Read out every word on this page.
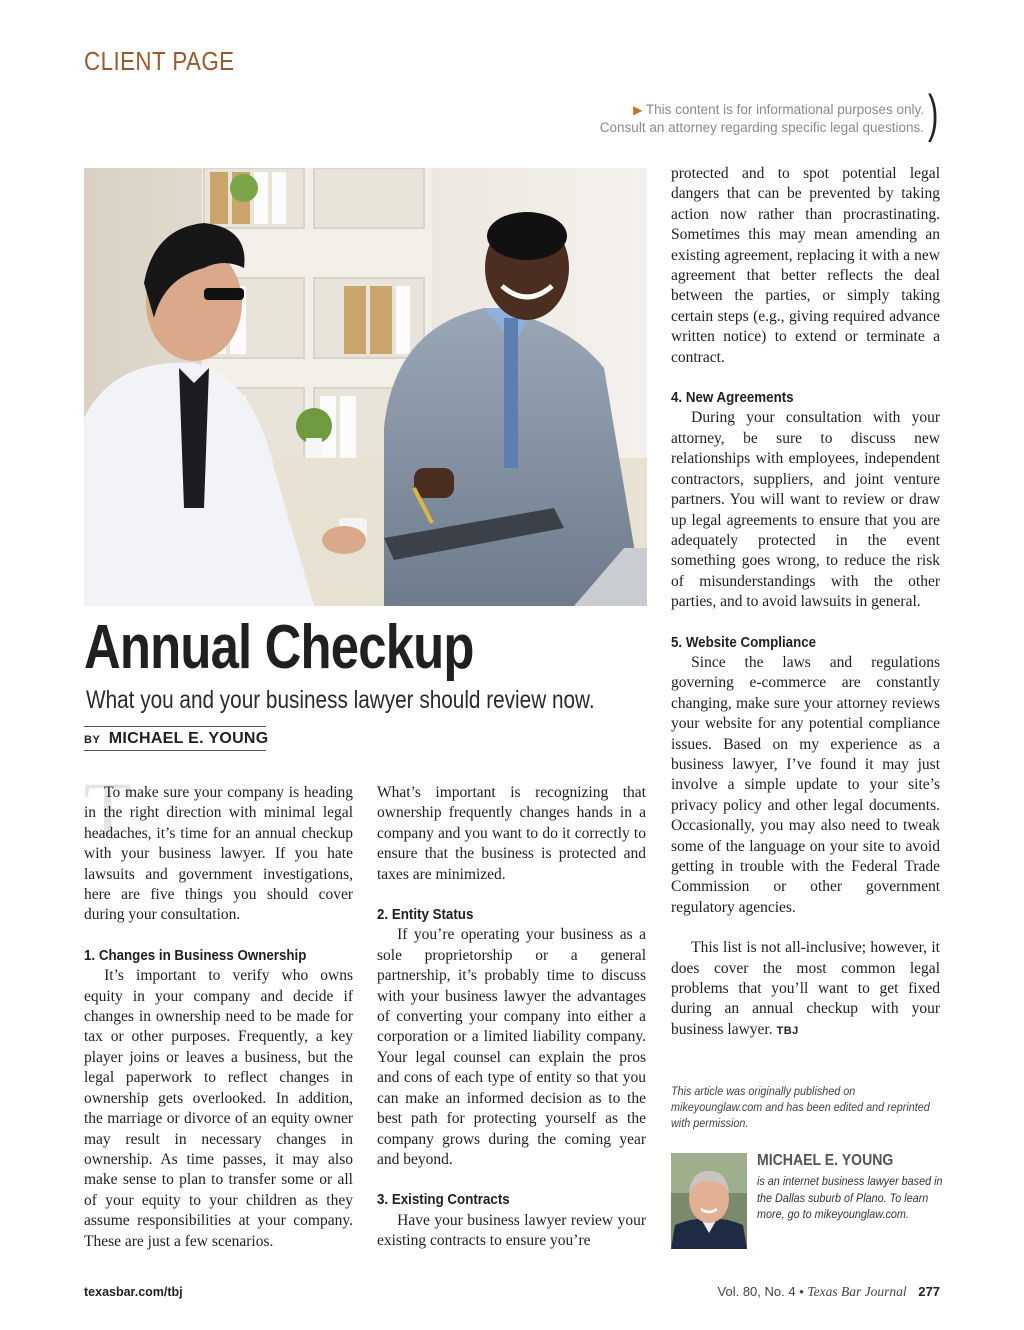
CLIENT PAGE
▶ This content is for informational purposes only.
Consult an attorney regarding specific legal questions. )
Annual Checkup
What you and your business lawyer should review now.
BY MICHAEL E. YOUNG
T

To make sure your company is heading in the right direction with minimal legal headaches, it’s time for an annual checkup with your business lawyer. If you hate lawsuits and government investigations, here are five things you should cover during your consultation.

1. Changes in Business Ownership

It’s important to verify who owns equity in your company and decide if changes in ownership need to be made for tax or other purposes. Frequently, a key player joins or leaves a business, but the legal paperwork to reflect changes in ownership gets overlooked. In addition, the marriage or divorce of an equity owner may result in necessary changes in ownership. As time passes, it may also make sense to plan to transfer some or all of your equity to your children as they assume responsibilities at your company. These are just a few scenarios.

What’s important is recognizing that ownership frequently changes hands in a company and you want to do it correctly to ensure that the business is protected and taxes are minimized.

2. Entity Status

If you’re operating your business as a sole proprietorship or a general partnership, it’s probably time to discuss with your business lawyer the advantages of converting your company into either a corporation or a limited liability company. Your legal counsel can explain the pros and cons of each type of entity so that you can make an informed decision as to the best path for protecting yourself as the company grows during the coming year and beyond.

3. Existing Contracts

Have your business lawyer review your existing contracts to ensure you’re

protected and to spot potential legal dangers that can be prevented by taking action now rather than procrastinating. Sometimes this may mean amending an existing agreement, replacing it with a new agreement that better reflects the deal between the parties, or simply taking certain steps (e.g., giving required advance written notice) to extend or terminate a contract.

4. New Agreements

During your consultation with your attorney, be sure to discuss new relationships with employees, independent contractors, suppliers, and joint venture partners. You will want to review or draw up legal agreements to ensure that you are adequately protected in the event something goes wrong, to reduce the risk of misunderstandings with the other parties, and to avoid lawsuits in general.

5. Website Compliance

Since the laws and regulations governing e-commerce are constantly changing, make sure your attorney reviews your website for any potential compliance issues. Based on my experience as a business lawyer, I’ve found it may just involve a simple update to your site’s privacy policy and other legal documents. Occasionally, you may also need to tweak some of the language on your site to avoid getting in trouble with the Federal Trade Commission or other government regulatory agencies.

This list is not all-inclusive; however, it does cover the most common legal problems that you’ll want to get fixed during an annual checkup with your business lawyer. TBJ

This article was originally published on mikeyounglaw.com and has been edited and reprinted with permission.
MICHAEL E. YOUNG
is an internet business lawyer based in the Dallas suburb of Plano. To learn more, go to mikeyounglaw.com.
texasbar.com/tbj	Vol. 80, No. 4 • Texas Bar Journal 277
